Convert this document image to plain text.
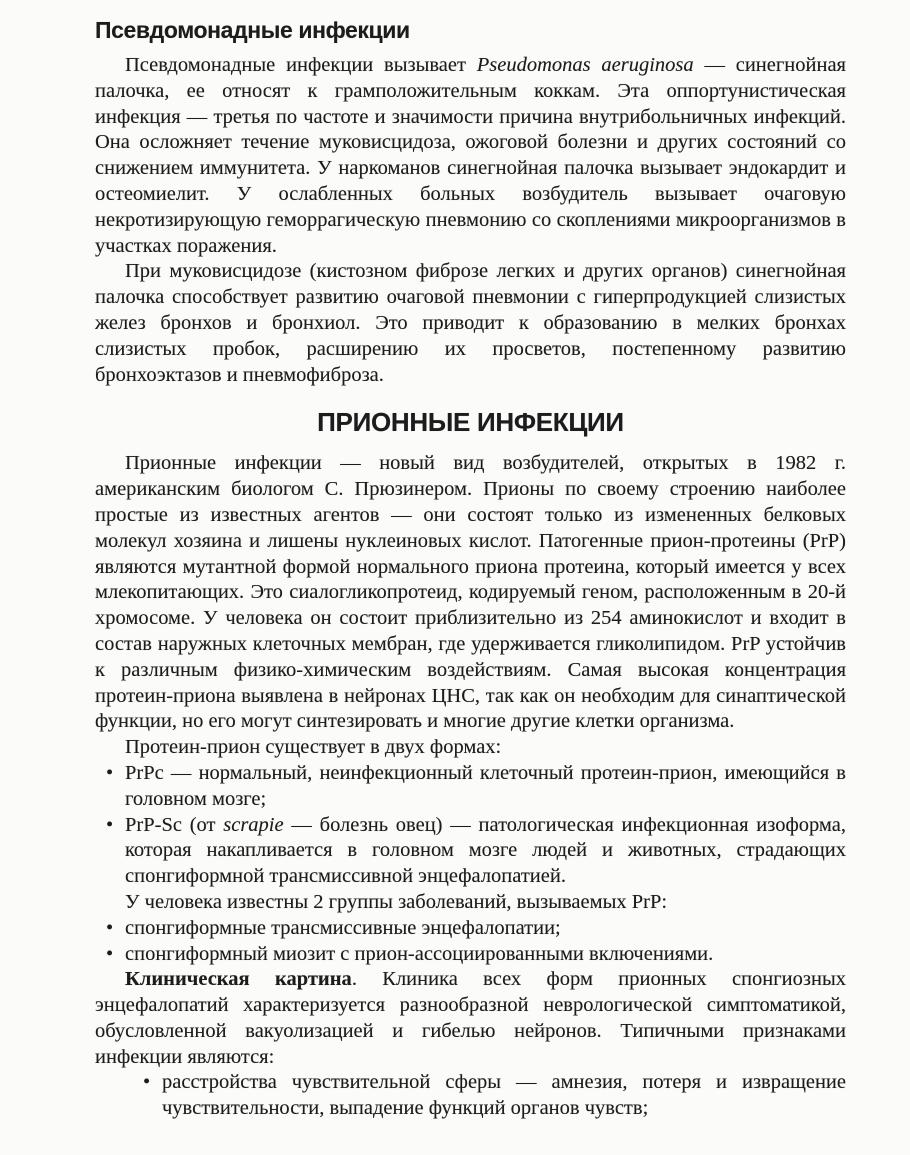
Псевдомонадные инфекции

Псевдомонадные инфекции вызывает Pseudomonas aeruginosa — синегнойная палочка, ее относят к грамположительным коккам. Эта оппортунистическая инфекция — третья по частоте и значимости причина внутрибольничных инфекций. Она осложняет течение муковисцидоза, ожоговой болезни и других состояний со снижением иммунитета. У наркоманов синегнойная палочка вызывает эндокардит и остеомиелит. У ослабленных больных возбудитель вызывает очаговую некротизирующую геморрагическую пневмонию со скоплениями микроорганизмов в участках поражения.

При муковисцидозе (кистозном фиброзе легких и других органов) синегнойная палочка способствует развитию очаговой пневмонии с гиперпродукцией слизистых желез бронхов и бронхиол. Это приводит к образованию в мелких бронхах слизистых пробок, расширению их просветов, постепенному развитию бронхоэктазов и пневмофиброза.

ПРИОННЫЕ ИНФЕКЦИИ

Прионные инфекции — новый вид возбудителей, открытых в 1982 г. американским биологом С. Прюзинером. Прионы по своему строению наиболее простые из известных агентов — они состоят только из измененных белковых молекул хозяина и лишены нуклеиновых кислот. Патогенные прион-протеины (PrP) являются мутантной формой нормального приона протеина, который имеется у всех млекопитающих. Это сиалогликопротеид, кодируемый геном, расположенным в 20-й хромосоме. У человека он состоит приблизительно из 254 аминокислот и входит в состав наружных клеточных мембран, где удерживается гликолипидом. PrP устойчив к различным физико-химическим воздействиям. Самая высокая концентрация протеин-приона выявлена в нейронах ЦНС, так как он необходим для синаптической функции, но его могут синтезировать и многие другие клетки организма.

Протеин-прион существует в двух формах:

• PrPc — нормальный, неинфекционный клеточный протеин-прион, имеющийся в головном мозге;
• PrP-Sc (от scrapie — болезнь овец) — патологическая инфекционная изоформа, которая накапливается в головном мозге людей и животных, страдающих спонгиформной трансмиссивной энцефалопатией.

У человека известны 2 группы заболеваний, вызываемых PrP:

• спонгиформные трансмиссивные энцефалопатии;
• спонгиформный миозит с прион-ассоциированными включениями.

Клиническая картина. Клиника всех форм прионных спонгиозных энцефалопатий характеризуется разнообразной неврологической симптоматикой, обусловленной вакуолизацией и гибелью нейронов. Типичными признаками инфекции являются:

• расстройства чувствительной сферы — амнезия, потеря и извращение чувствительности, выпадение функций органов чувств;
